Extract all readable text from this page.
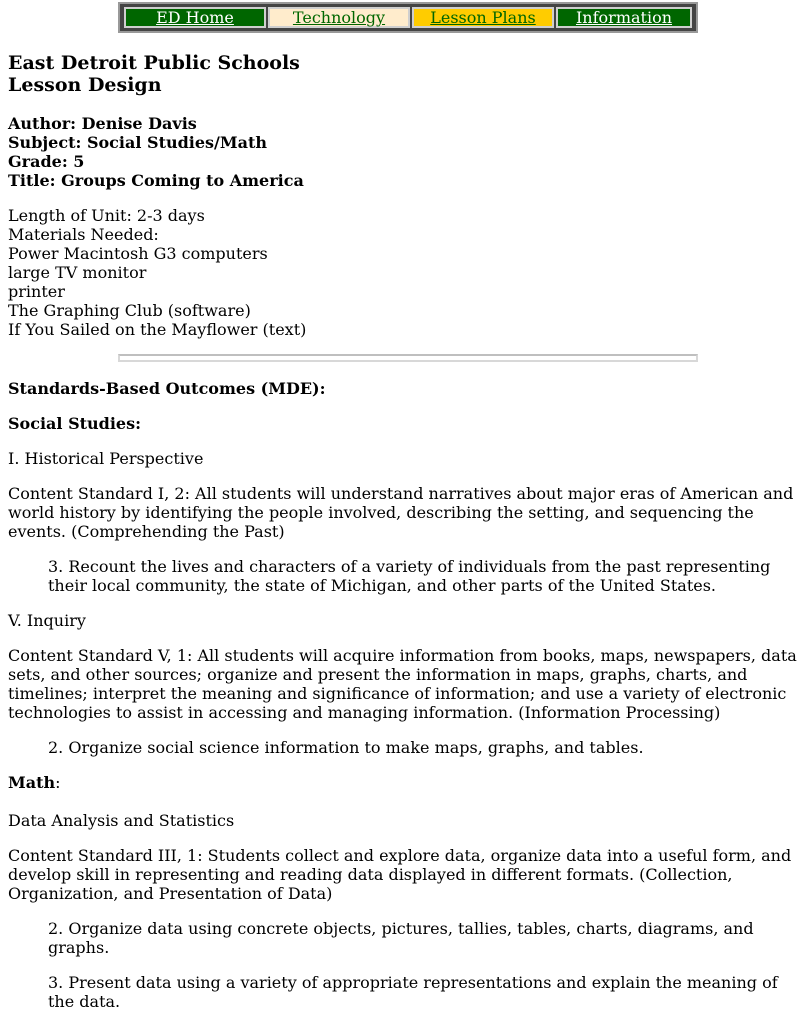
ED Home	Technology	Lesson Plans	Information
East Detroit Public Schools
Lesson Design
Author: Denise Davis
Subject: Social Studies/Math
Grade: 5
Title: Groups Coming to America
Length of Unit: 2-3 days
Materials Needed:
Power Macintosh G3 computers
large TV monitor
printer
The Graphing Club (software)
If You Sailed on the Mayflower (text)
Standards-Based Outcomes (MDE):
Social Studies:
I. Historical Perspective
Content Standard I, 2: All students will understand narratives about major eras of American and world history by identifying the people involved, describing the setting, and sequencing the events. (Comprehending the Past)
3. Recount the lives and characters of a variety of individuals from the past representing their local community, the state of Michigan, and other parts of the United States.
V. Inquiry
Content Standard V, 1: All students will acquire information from books, maps, newspapers, data sets, and other sources; organize and present the information in maps, graphs, charts, and timelines; interpret the meaning and significance of information; and use a variety of electronic technologies to assist in accessing and managing information. (Information Processing)
2. Organize social science information to make maps, graphs, and tables.
Math:
Data Analysis and Statistics
Content Standard III, 1: Students collect and explore data, organize data into a useful form, and develop skill in representing and reading data displayed in different formats. (Collection, Organization, and Presentation of Data)
2. Organize data using concrete objects, pictures, tallies, tables, charts, diagrams, and graphs.
3. Present data using a variety of appropriate representations and explain the meaning of the data.
